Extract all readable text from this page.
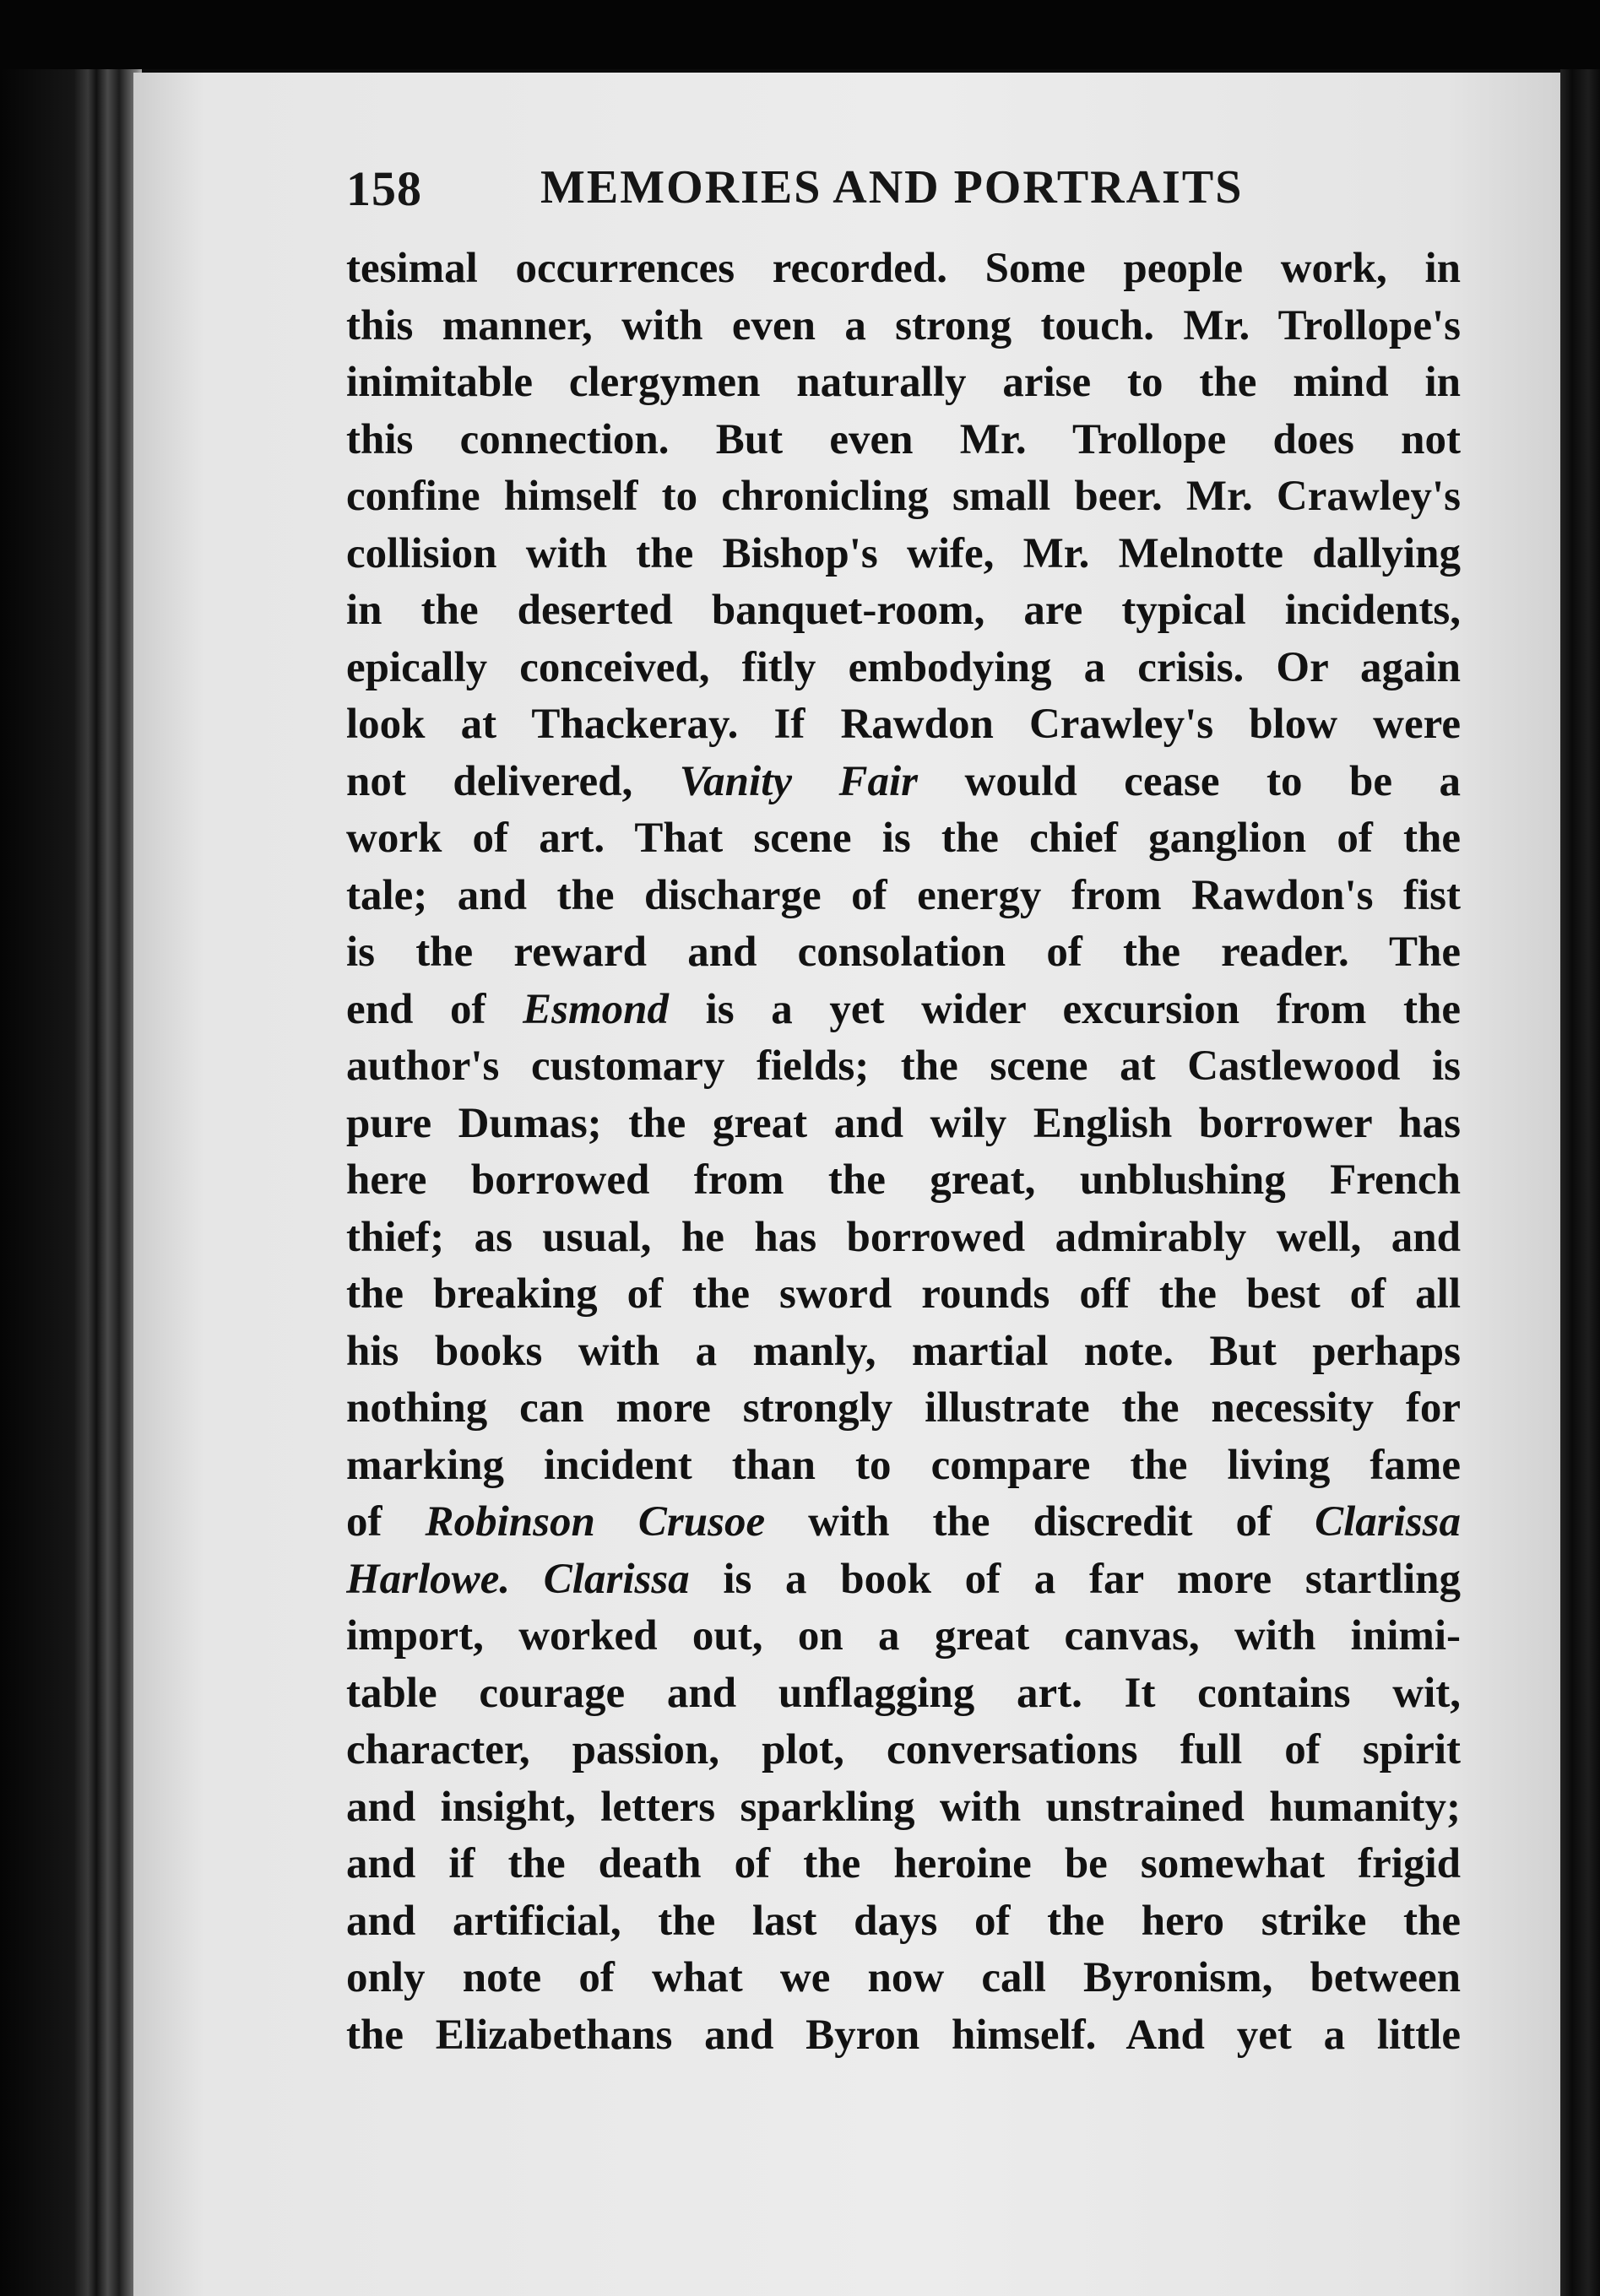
158	MEMORIES AND PORTRAITS
tesimal occurrences recorded. Some people work, in
this manner, with even a strong touch. Mr. Trollope's
inimitable clergymen naturally arise to the mind in
this connection. But even Mr. Trollope does not
confine himself to chronicling small beer. Mr. Crawley's
collision with the Bishop's wife, Mr. Melnotte dallying
in the deserted banquet-room, are typical incidents,
epically conceived, fitly embodying a crisis. Or again
look at Thackeray. If Rawdon Crawley's blow were
not delivered, Vanity Fair would cease to be a
work of art. That scene is the chief ganglion of the
tale; and the discharge of energy from Rawdon's fist
is the reward and consolation of the reader. The
end of Esmond is a yet wider excursion from the
author's customary fields; the scene at Castlewood is
pure Dumas; the great and wily English borrower has
here borrowed from the great, unblushing French
thief; as usual, he has borrowed admirably well, and
the breaking of the sword rounds off the best of all
his books with a manly, martial note. But perhaps
nothing can more strongly illustrate the necessity for
marking incident than to compare the living fame
of Robinson Crusoe with the discredit of Clarissa
Harlowe. Clarissa is a book of a far more startling
import, worked out, on a great canvas, with inimi-
table courage and unflagging art. It contains wit,
character, passion, plot, conversations full of spirit
and insight, letters sparkling with unstrained humanity;
and if the death of the heroine be somewhat frigid
and artificial, the last days of the hero strike the
only note of what we now call Byronism, between
the Elizabethans and Byron himself. And yet a little
